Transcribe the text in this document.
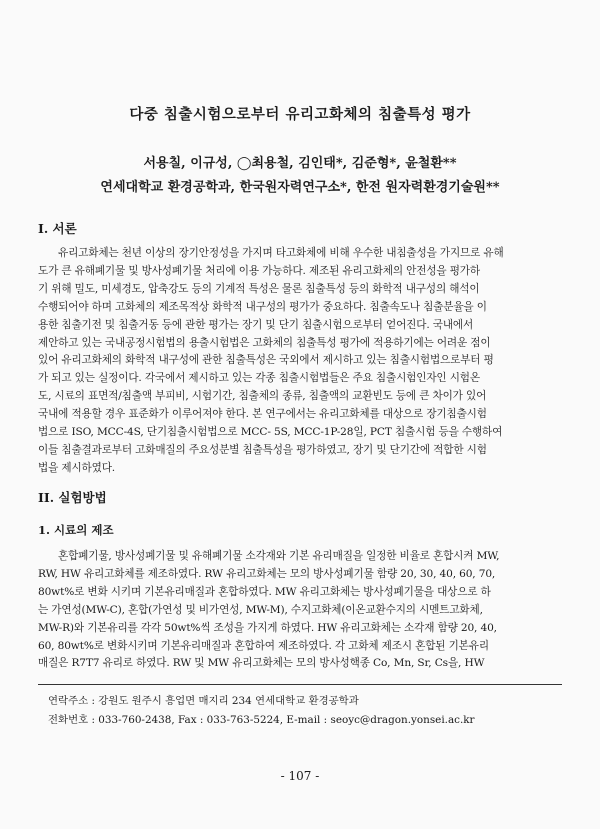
다중 침출시험으로부터 유리고화체의 침출특성 평가
서용칠, 이규성, ◯최용철, 김인태*, 김준형*, 윤철환**
연세대학교 환경공학과, 한국원자력연구소*, 한전 원자력환경기술원**
I. 서론
유리고화체는 천년 이상의 장기안정성을 가지며 타고화체에 비해 우수한 내침출성을 가지므로 유해
도가 큰 유해폐기물 및 방사성폐기물 처리에 이용 가능하다. 제조된 유리고화체의 안전성을 평가하
기 위해 밀도, 미세경도, 압축강도 등의 기계적 특성은 물론 침출특성 등의 화학적 내구성의 해석이
수행되어야 하며 고화체의 제조목적상 화학적 내구성의 평가가 중요하다. 침출속도나 침출분율을 이
용한 침출기전 및 침출거동 등에 관한 평가는 장기 및 단기 침출시험으로부터 얻어진다. 국내에서
제안하고 있는 국내공정시험법의 용출시험법은 고화체의 침출특성 평가에 적용하기에는 어려운 점이
있어 유리고화체의 화학적 내구성에 관한 침출특성은 국외에서 제시하고 있는 침출시험법으로부터 평
가 되고 있는 실정이다. 각국에서 제시하고 있는 각종 침출시험법들은 주요 침출시험인자인 시험온
도, 시료의 표면적/침출액 부피비, 시험기간, 침출체의 종류, 침출액의 교환빈도 등에 큰 차이가 있어
국내에 적용할 경우 표준화가 이루어져야 한다. 본 연구에서는 유리고화체를 대상으로 장기침출시험
법으로 ISO, MCC-4S, 단기침출시험법으로 MCC- 5S, MCC-1P-28일, PCT 침출시험 등을 수행하여
이들 침출결과로부터 고화매질의 주요성분별 침출특성을 평가하였고, 장기 및 단기간에 적합한 시험
법을 제시하였다.
II. 실험방법
1. 시료의 제조
혼합폐기물, 방사성폐기물 및 유해폐기물 소각재와 기본 유리매질을 일정한 비율로 혼합시켜 MW,
RW, HW 유리고화체를 제조하였다. RW 유리고화체는 모의 방사성폐기물 함량 20, 30, 40, 60, 70,
80wt%로 변화 시키며 기본유리매질과 혼합하였다. MW 유리고화체는 방사성폐기물을 대상으로 하
는 가연성(MW-C), 혼합(가연성 및 비가연성, MW-M), 수지고화체(이온교환수지의 시멘트고화체,
MW-R)와 기본유리를 각각 50wt%씩 조성을 가지게 하였다. HW 유리고화체는 소각재 함량 20, 40,
60, 80wt%로 변화시키며 기본유리매질과 혼합하여 제조하였다. 각 고화체 제조시 혼합된 기본유리
매질은 R7T7 유리로 하였다. RW 및 MW 유리고화체는 모의 방사성핵종 Co, Mn, Sr, Cs을, HW
연락주소 : 강원도 원주시 흥업면 매지리 234 연세대학교 환경공학과
전화번호 : 033-760-2438, Fax : 033-763-5224, E-mail : seoyc@dragon.yonsei.ac.kr
- 107 -
